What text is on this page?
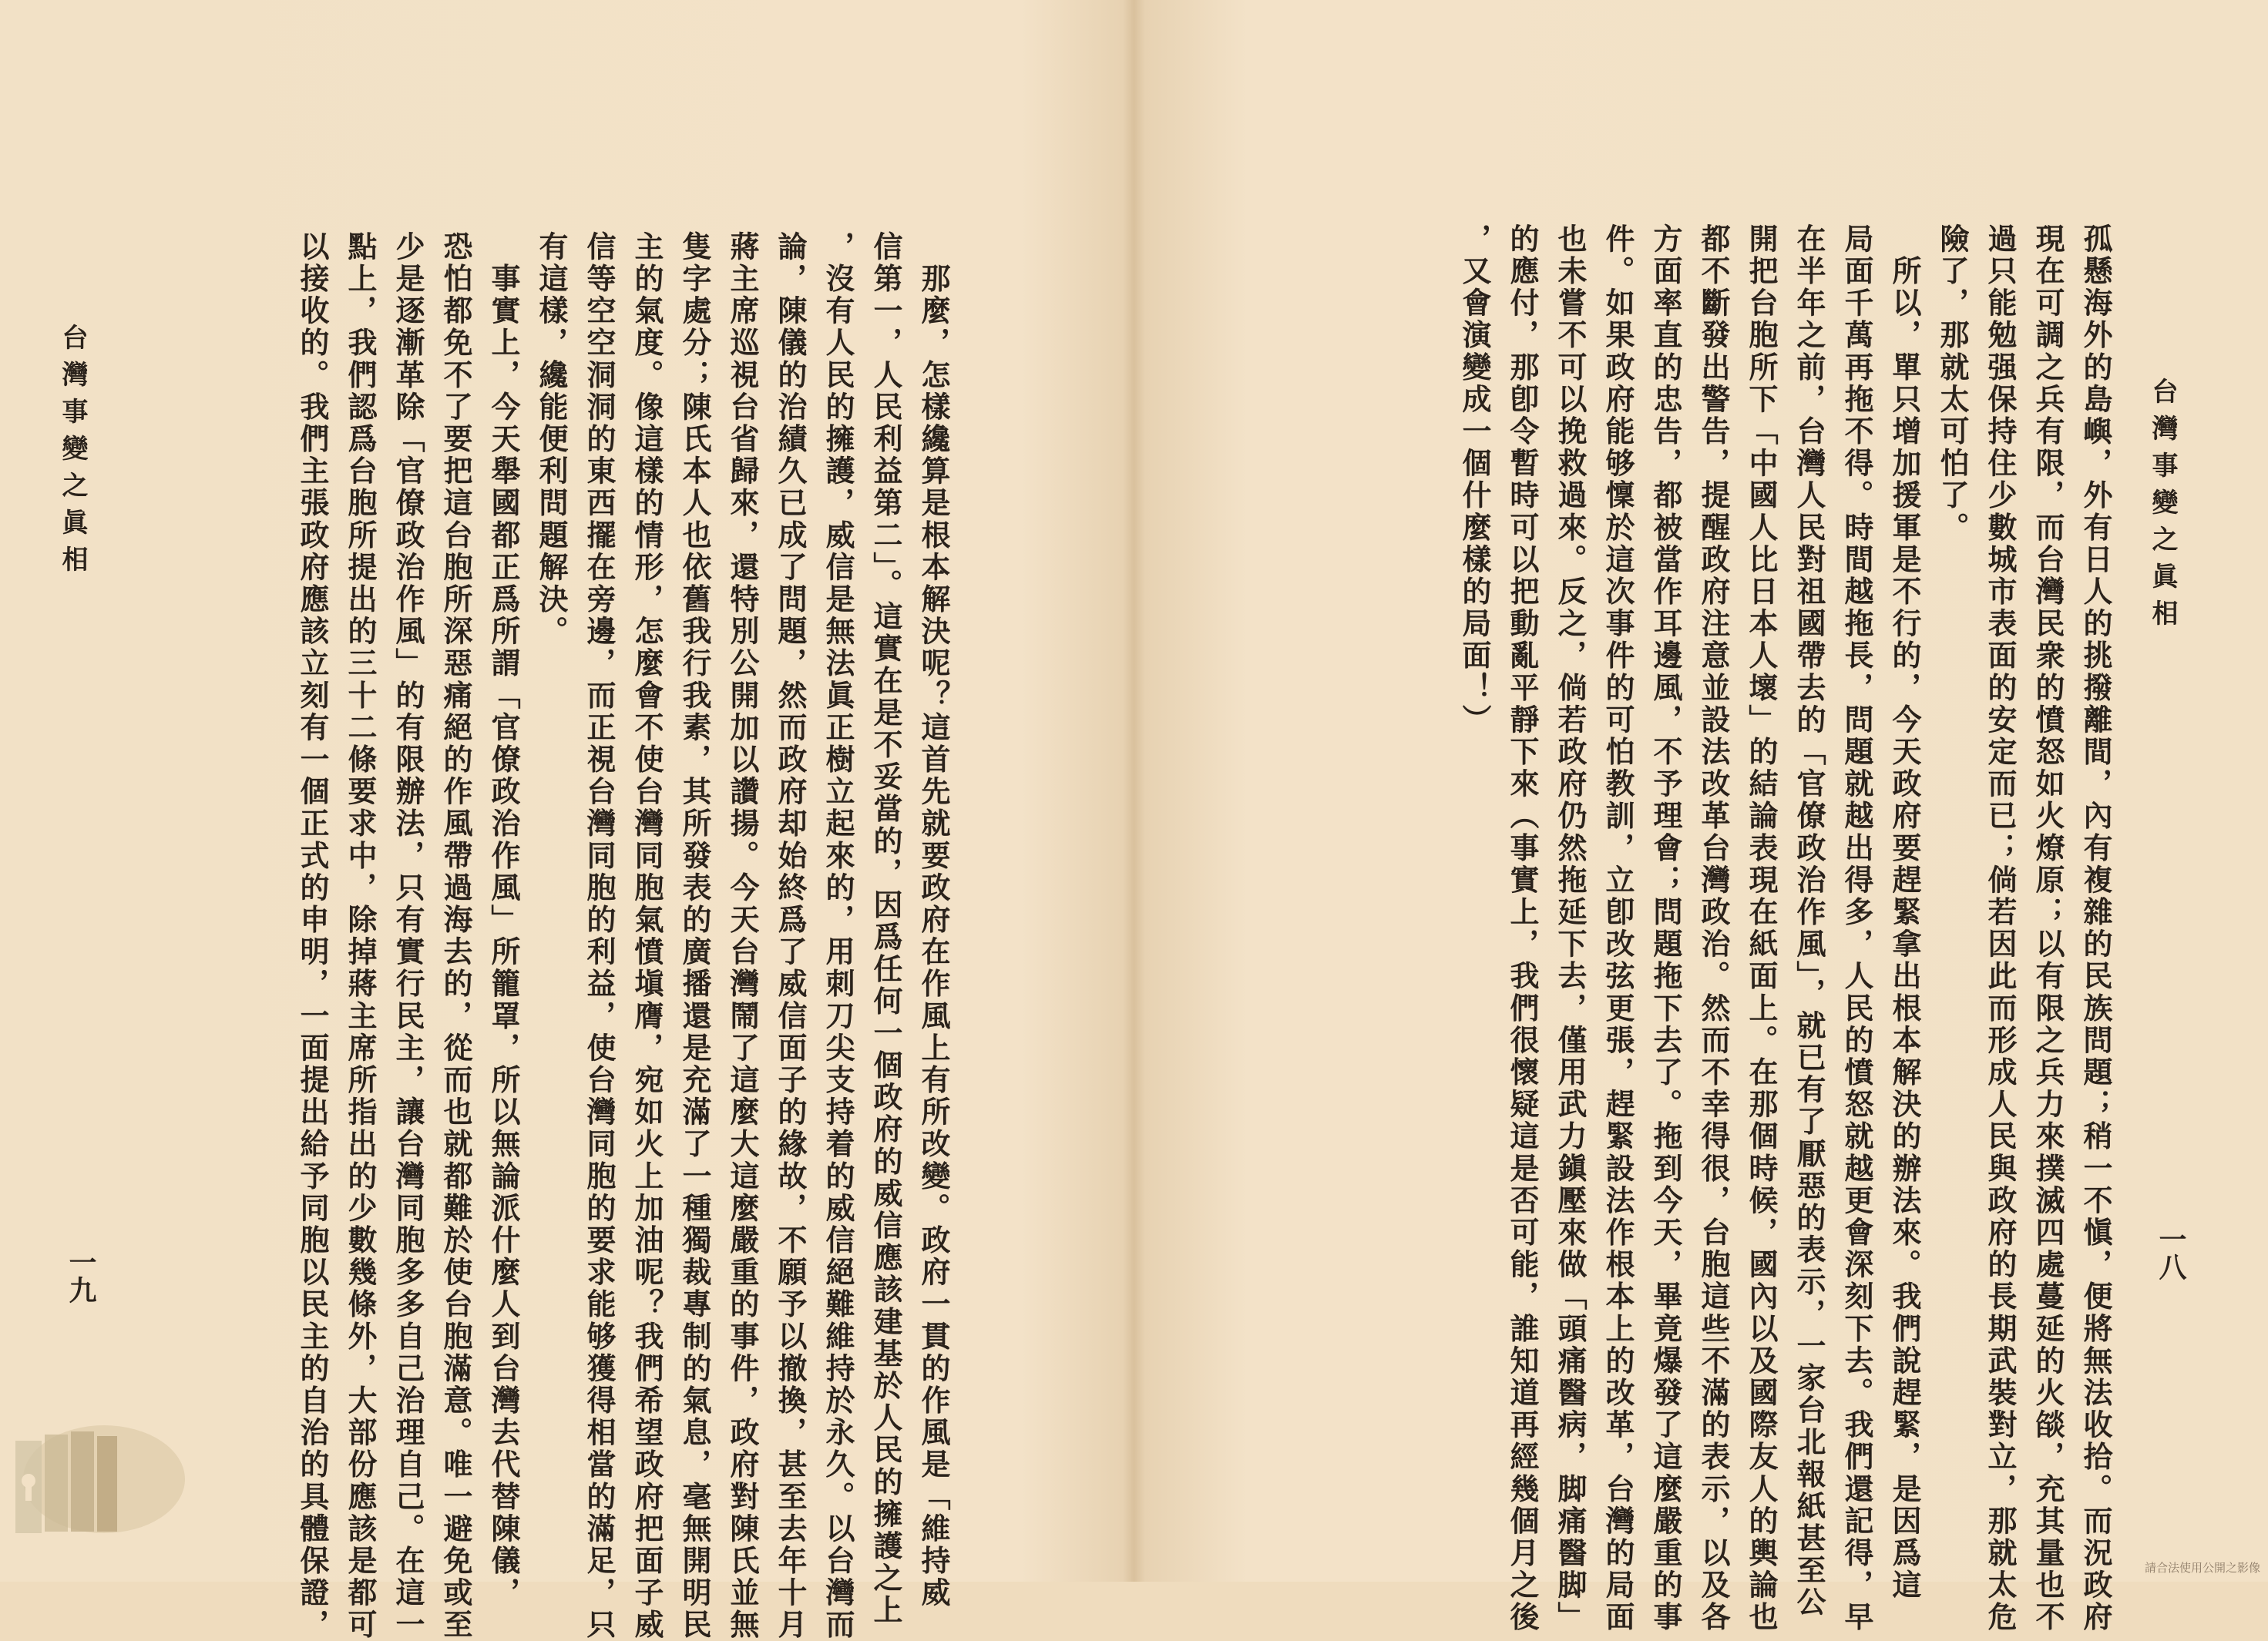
　那麼，怎樣纔算是根本解決呢？這首先就要政府在作風上有所改變。政府一貫的作風是「維持威
信第一，人民利益第二」。這實在是不妥當的，因爲任何一個政府的威信應該建基於人民的擁護之上
，沒有人民的擁護，威信是無法眞正樹立起來的，用刺刀尖支持着的威信絕難維持於永久。以台灣而
論，陳儀的治績久已成了問題，然而政府却始終爲了威信面子的緣故，不願予以撤換，甚至去年十月
蔣主席巡視台省歸來，還特別公開加以讚揚。今天台灣鬧了這麼大這麼嚴重的事件，政府對陳氏並無
隻字處分；陳氏本人也依舊我行我素，其所發表的廣播還是充滿了一種獨裁專制的氣息，毫無開明民
主的氣度。像這樣的情形，怎麼會不使台灣同胞氣憤塡膺，宛如火上加油呢？我們希望政府把面子威
信等空空洞洞的東西擺在旁邊，而正視台灣同胞的利益，使台灣同胞的要求能够獲得相當的滿足，只
有這樣，纔能便利問題解決。
　事實上，今天舉國都正爲所謂「官僚政治作風」所籠罩，所以無論派什麼人到台灣去代替陳儀，
恐怕都免不了要把這台胞所深惡痛絕的作風帶過海去的，從而也就都難於使台胞滿意。唯一避免或至
少是逐漸革除「官僚政治作風」的有限辦法，只有實行民主，讓台灣同胞多多自己治理自己。在這一
點上，我們認爲台胞所提出的三十二條要求中，除掉蔣主席所指出的少數幾條外，大部份應該是都可
以接收的。我們主張政府應該立刻有一個正式的申明，一面提出給予同胞以民主的自治的具體保證，
台灣事變之眞相
一九	孤懸海外的島嶼，外有日人的挑撥離間，內有複雜的民族問題；稍一不愼，便將無法收拾。而況政府
現在可調之兵有限，而台灣民衆的憤怒如火燎原；以有限之兵力來撲滅四處蔓延的火燄，充其量也不
過只能勉强保持住少數城市表面的安定而已；倘若因此而形成人民與政府的長期武裝對立，那就太危
險了，那就太可怕了。
　所以，單只增加援軍是不行的，今天政府要趕緊拿出根本解決的辦法來。我們說趕緊，是因爲這
局面千萬再拖不得。時間越拖長，問題就越出得多，人民的憤怒就越更會深刻下去。我們還記得，早
在半年之前，台灣人民對祖國帶去的「官僚政治作風」，就已有了厭惡的表示，一家台北報紙甚至公
開把台胞所下「中國人比日本人壞」的結論表現在紙面上。在那個時候，國內以及國際友人的輿論也
都不斷發出警告，提醒政府注意並設法改革台灣政治。然而不幸得很，台胞這些不滿的表示，以及各
方面率直的忠告，都被當作耳邊風，不予理會；問題拖下去了。拖到今天，畢竟爆發了這麼嚴重的事
件。如果政府能够懍於這次事件的可怕教訓，立卽改弦更張，趕緊設法作根本上的改革，台灣的局面
也未嘗不可以挽救過來。反之，倘若政府仍然拖延下去，僅用武力鎭壓來做「頭痛醫病，脚痛醫脚」
的應付，那卽令暫時可以把動亂平靜下來（事實上，我們很懷疑這是否可能，誰知道再經幾個月之後
，又會演變成一個什麼樣的局面！）	台灣事變之眞相
一八
請合法使用公開之影像
